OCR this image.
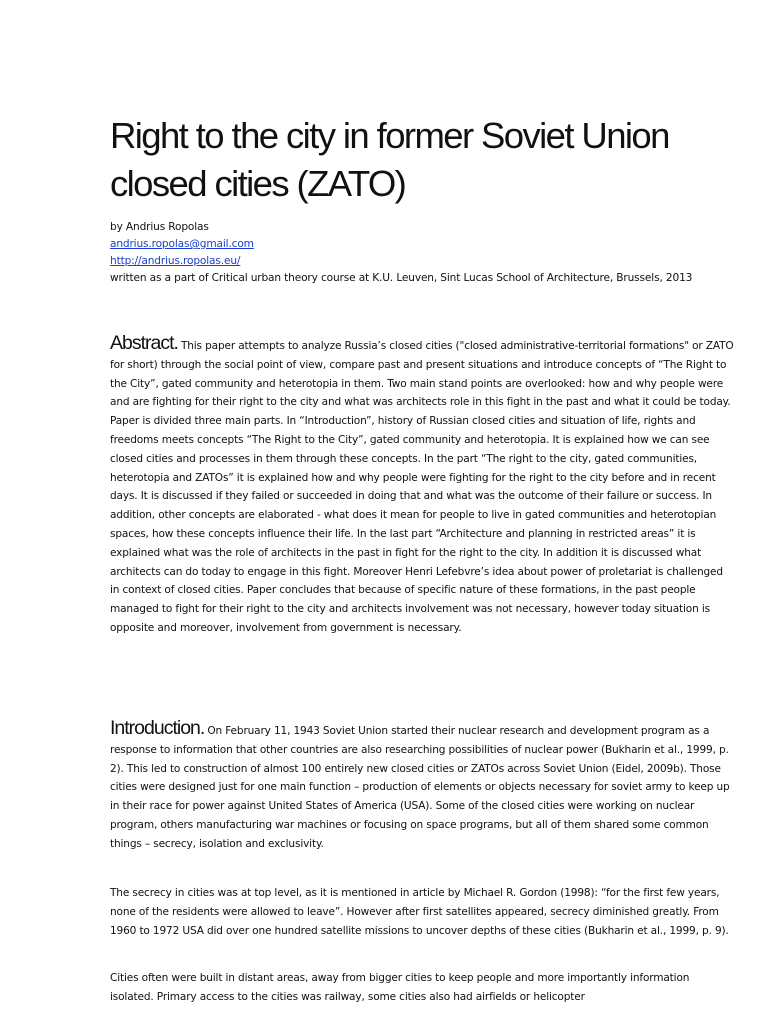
Right to the city in former Soviet Union closed cities (ZATO)
by Andrius Ropolas
andrius.ropolas@gmail.com
http://andrius.ropolas.eu/
written as a part of Critical urban theory course at K.U. Leuven, Sint Lucas School of Architecture, Brussels, 2013

Abstract. This paper attempts to analyze Russia’s closed cities ("closed administrative-territorial formations" or ZATO for short) through the social point of view, compare past and present situations and introduce concepts of “The Right to the City”, gated community and heterotopia in them. Two main stand points are overlooked: how and why people were and are fighting for their right to the city and what was architects role in this fight in the past and what it could be today. Paper is divided three main parts. In “Introduction”, history of Russian closed cities and situation of life, rights and freedoms meets concepts “The Right to the City”, gated community and heterotopia. It is explained how we can see closed cities and processes in them through these concepts. In the part “The right to the city, gated communities, heterotopia and ZATOs” it is explained how and why people were fighting for the right to the city before and in recent days. It is discussed if they failed or succeeded in doing that and what was the outcome of their failure or success. In addition, other concepts are elaborated - what does it mean for people to live in gated communities and heterotopian spaces, how these concepts influence their life. In the last part “Architecture and planning in restricted areas” it is explained what was the role of architects in the past in fight for the right to the city. In addition it is discussed what architects can do today to engage in this fight. Moreover Henri Lefebvre’s idea about power of proletariat is challenged in context of closed cities. Paper concludes that because of specific nature of these formations, in the past people managed to fight for their right to the city and architects involvement was not necessary, however today situation is opposite and moreover, involvement from government is necessary.

Introduction. On February 11, 1943 Soviet Union started their nuclear research and development program as a response to information that other countries are also researching possibilities of nuclear power (Bukharin et al., 1999, p. 2). This led to construction of almost 100 entirely new closed cities or ZATOs across Soviet Union (Eidel, 2009b). Those cities were designed just for one main function – production of elements or objects necessary for soviet army to keep up in their race for power against United States of America (USA). Some of the closed cities were working on nuclear program, others manufacturing war machines or focusing on space programs, but all of them shared some common things – secrecy, isolation and exclusivity.

The secrecy in cities was at top level, as it is mentioned in article by Michael R. Gordon (1998): “for the first few years, none of the residents were allowed to leave”. However after first satellites appeared, secrecy diminished greatly. From 1960 to 1972 USA did over one hundred satellite missions to uncover depths of these cities (Bukharin et al., 1999, p. 9).

Cities often were built in distant areas, away from bigger cities to keep people and more importantly information isolated. Primary access to the cities was railway, some cities also had airfields or helicopter
